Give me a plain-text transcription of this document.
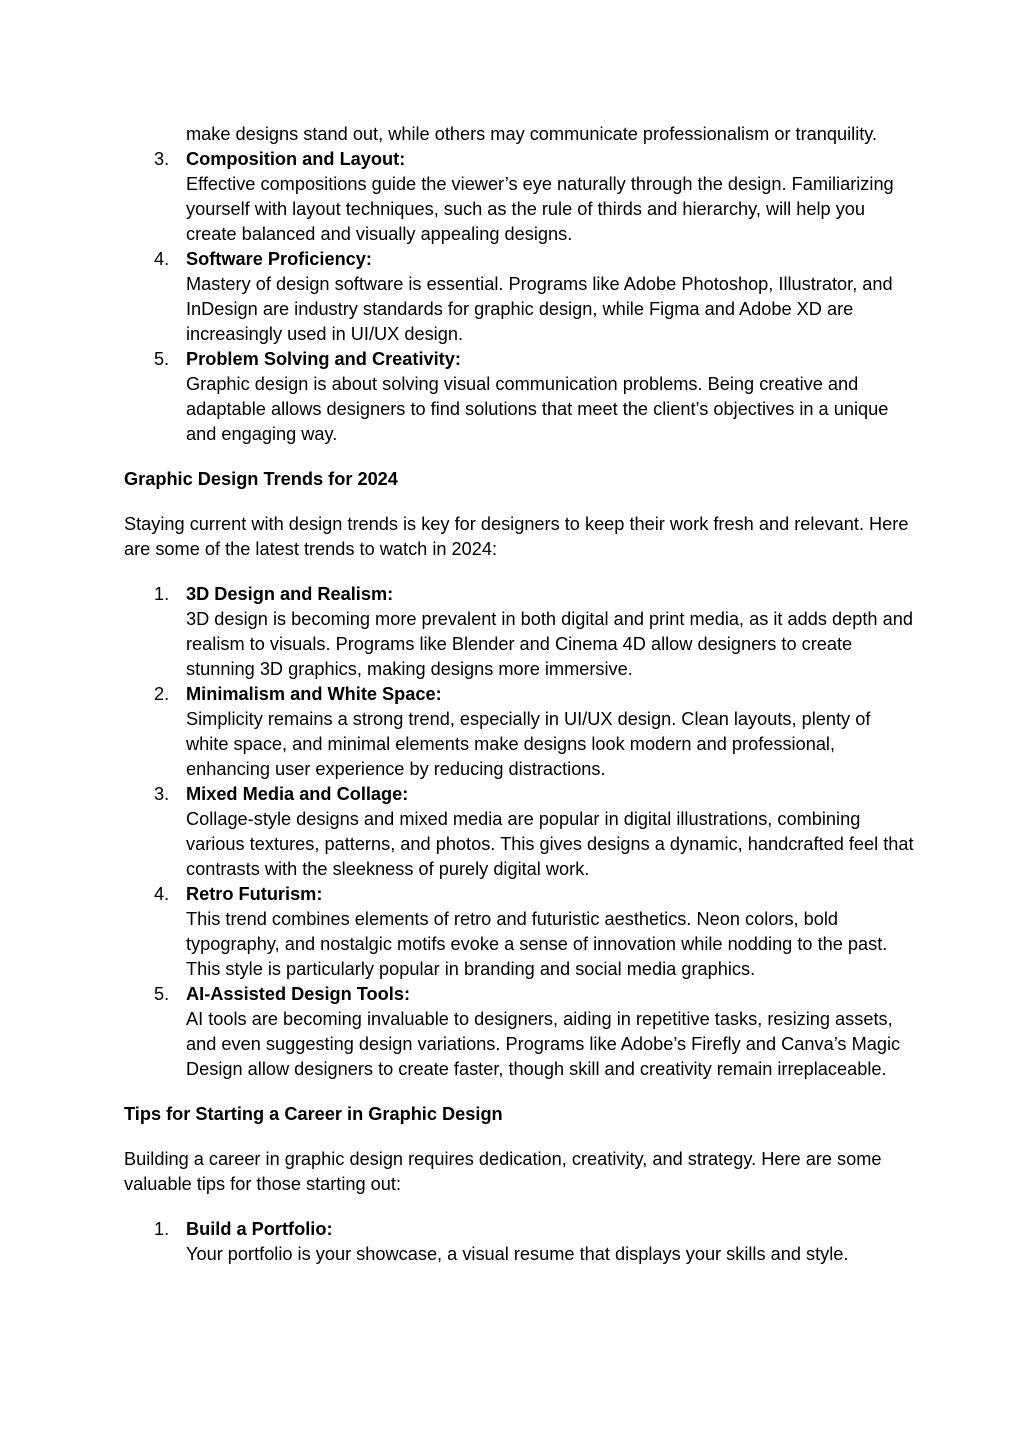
make designs stand out, while others may communicate professionalism or tranquility.

3. Composition and Layout:
Effective compositions guide the viewer’s eye naturally through the design. Familiarizing yourself with layout techniques, such as the rule of thirds and hierarchy, will help you create balanced and visually appealing designs.
4. Software Proficiency:
Mastery of design software is essential. Programs like Adobe Photoshop, Illustrator, and InDesign are industry standards for graphic design, while Figma and Adobe XD are increasingly used in UI/UX design.
5. Problem Solving and Creativity:
Graphic design is about solving visual communication problems. Being creative and adaptable allows designers to find solutions that meet the client’s objectives in a unique and engaging way.

Graphic Design Trends for 2024

Staying current with design trends is key for designers to keep their work fresh and relevant. Here are some of the latest trends to watch in 2024:

1. 3D Design and Realism:
3D design is becoming more prevalent in both digital and print media, as it adds depth and realism to visuals. Programs like Blender and Cinema 4D allow designers to create stunning 3D graphics, making designs more immersive.
2. Minimalism and White Space:
Simplicity remains a strong trend, especially in UI/UX design. Clean layouts, plenty of white space, and minimal elements make designs look modern and professional, enhancing user experience by reducing distractions.
3. Mixed Media and Collage:
Collage-style designs and mixed media are popular in digital illustrations, combining various textures, patterns, and photos. This gives designs a dynamic, handcrafted feel that contrasts with the sleekness of purely digital work.
4. Retro Futurism:
This trend combines elements of retro and futuristic aesthetics. Neon colors, bold typography, and nostalgic motifs evoke a sense of innovation while nodding to the past. This style is particularly popular in branding and social media graphics.
5. AI-Assisted Design Tools:
AI tools are becoming invaluable to designers, aiding in repetitive tasks, resizing assets, and even suggesting design variations. Programs like Adobe’s Firefly and Canva’s Magic Design allow designers to create faster, though skill and creativity remain irreplaceable.

Tips for Starting a Career in Graphic Design

Building a career in graphic design requires dedication, creativity, and strategy. Here are some valuable tips for those starting out:

1. Build a Portfolio:
Your portfolio is your showcase, a visual resume that displays your skills and style.
